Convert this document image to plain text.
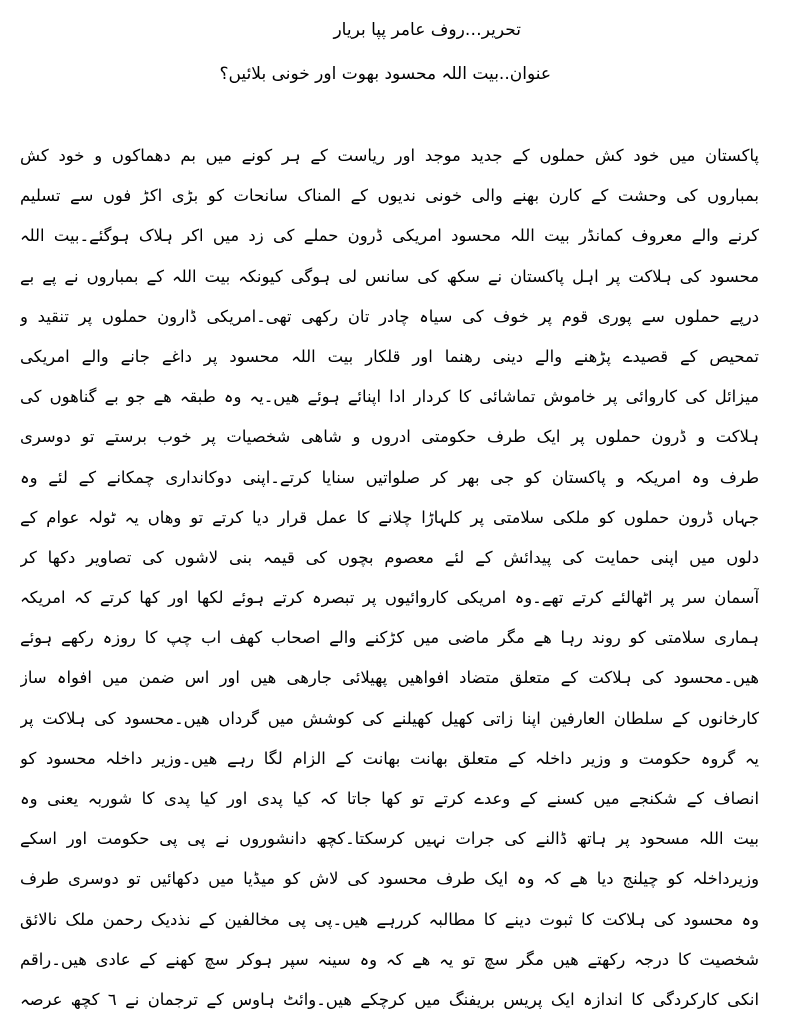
تحریر…روف عامر پپا بریار
عنوان..بیت اللہ محسود بھوت اور خونی بلائیں؟
پاکستان میں خود کش حملوں کے جدید موجد اور ریاست کے ہر کونے میں بم دھماکوں و خود کش
بمباروں کی وحشت کے کارن بھنے والی خونی ندیوں کے المناک سانحات کو بڑی اکڑ فوں سے تسلیم
کرنے والے معروف کمانڈر بیت اللہ محسود امریکی ڈرون حملے کی زد میں اکر ہلاک ہوگئے۔بیت اللہ
محسود کی ہلاکت پر اہل پاکستان نے سکھ کی سانس لی ہوگی کیونکہ بیت اللہ کے بمباروں نے پے بے
درپے حملوں سے پوری قوم پر خوف کی سیاہ چادر تان رکھی تھی۔امریکی ڈارون حملوں پر تنقید و
تمحیص کے قصیدے پڑھنے والے دینی رھنما اور قلکار بیت اللہ محسود پر داغے جانے والے امریکی
میزائل کی کاروائی پر خاموش تماشائی کا کردار ادا اپنائے ہوئے ھیں۔یہ وہ طبقہ ھے جو بے گناھوں کی
ہلاکت و ڈرون حملوں پر ایک طرف حکومتی ادروں و شاھی شخصیات پر خوب برستے تو دوسری
طرف وہ امریکہ و پاکستان کو جی بھر کر صلواتیں سنایا کرتے۔اپنی دوکانداری چمکانے کے لئے وہ
جہاں ڈرون حملوں کو ملکی سلامتی پر کلہاڑا چلانے کا عمل قرار دیا کرتے تو وھاں یہ ٹولہ عوام کے
دلوں میں اپنی حمایت کی پیدائش کے لئے معصوم بچوں کی قیمہ بنی لاشوں کی تصاویر دکھا کر
آسمان سر پر اٹھالئے کرتے تھے۔وہ امریکی کاروائیوں پر تبصرہ کرتے ہوئے لکھا اور کھا کرتے کہ امریکہ
ہماری سلامتی کو روند رہا ھے مگر ماضی میں کڑکنے والے اصحاب کھف اب چپ کا روزہ رکھے ہوئے
ھیں۔محسود کی ہلاکت کے متعلق متضاد افواھیں پھیلائی جارھی ھیں اور اس ضمن میں افواہ ساز
کارخانوں کے سلطان العارفین اپنا زاتی کھیل کھیلنے کی کوشش میں گرداں ھیں۔محسود کی ہلاکت پر
یہ گروہ حکومت و وزیر داخلہ کے متعلق بھانت بھانت کے الزام لگا رہے ھیں۔وزیر داخلہ محسود کو
انصاف کے شکنجے میں کسنے کے وعدے کرتے تو کھا جاتا کہ کیا پدی اور کیا پدی کا شوربہ یعنی وہ
بیت اللہ مسحود پر ہاتھ ڈالنے کی جرات نہیں کرسکتا۔کچھ دانشوروں نے پی پی حکومت اور اسکے
وزیرداخلہ کو چیلنج دیا ھے کہ وہ ایک طرف محسود کی لاش کو میڈیا میں دکھائیں تو دوسری طرف
وہ محسود کی ہلاکت کا ثبوت دینے کا مطالبہ کررہے ھیں۔پی پی مخالفین کے نذدیک رحمن ملک نالائق
شخصیت کا درجہ رکھتے ھیں مگر سچ تو یہ ھے کہ وہ سینہ سپر ہوکر سچ کھنے کے عادی ھیں۔راقم
انکی کارکردگی کا اندازہ ایک پریس بریفنگ میں کرچکے ھیں۔وائٹ ہاوس کے ترجمان نے ٦ کچھ عرصہ
